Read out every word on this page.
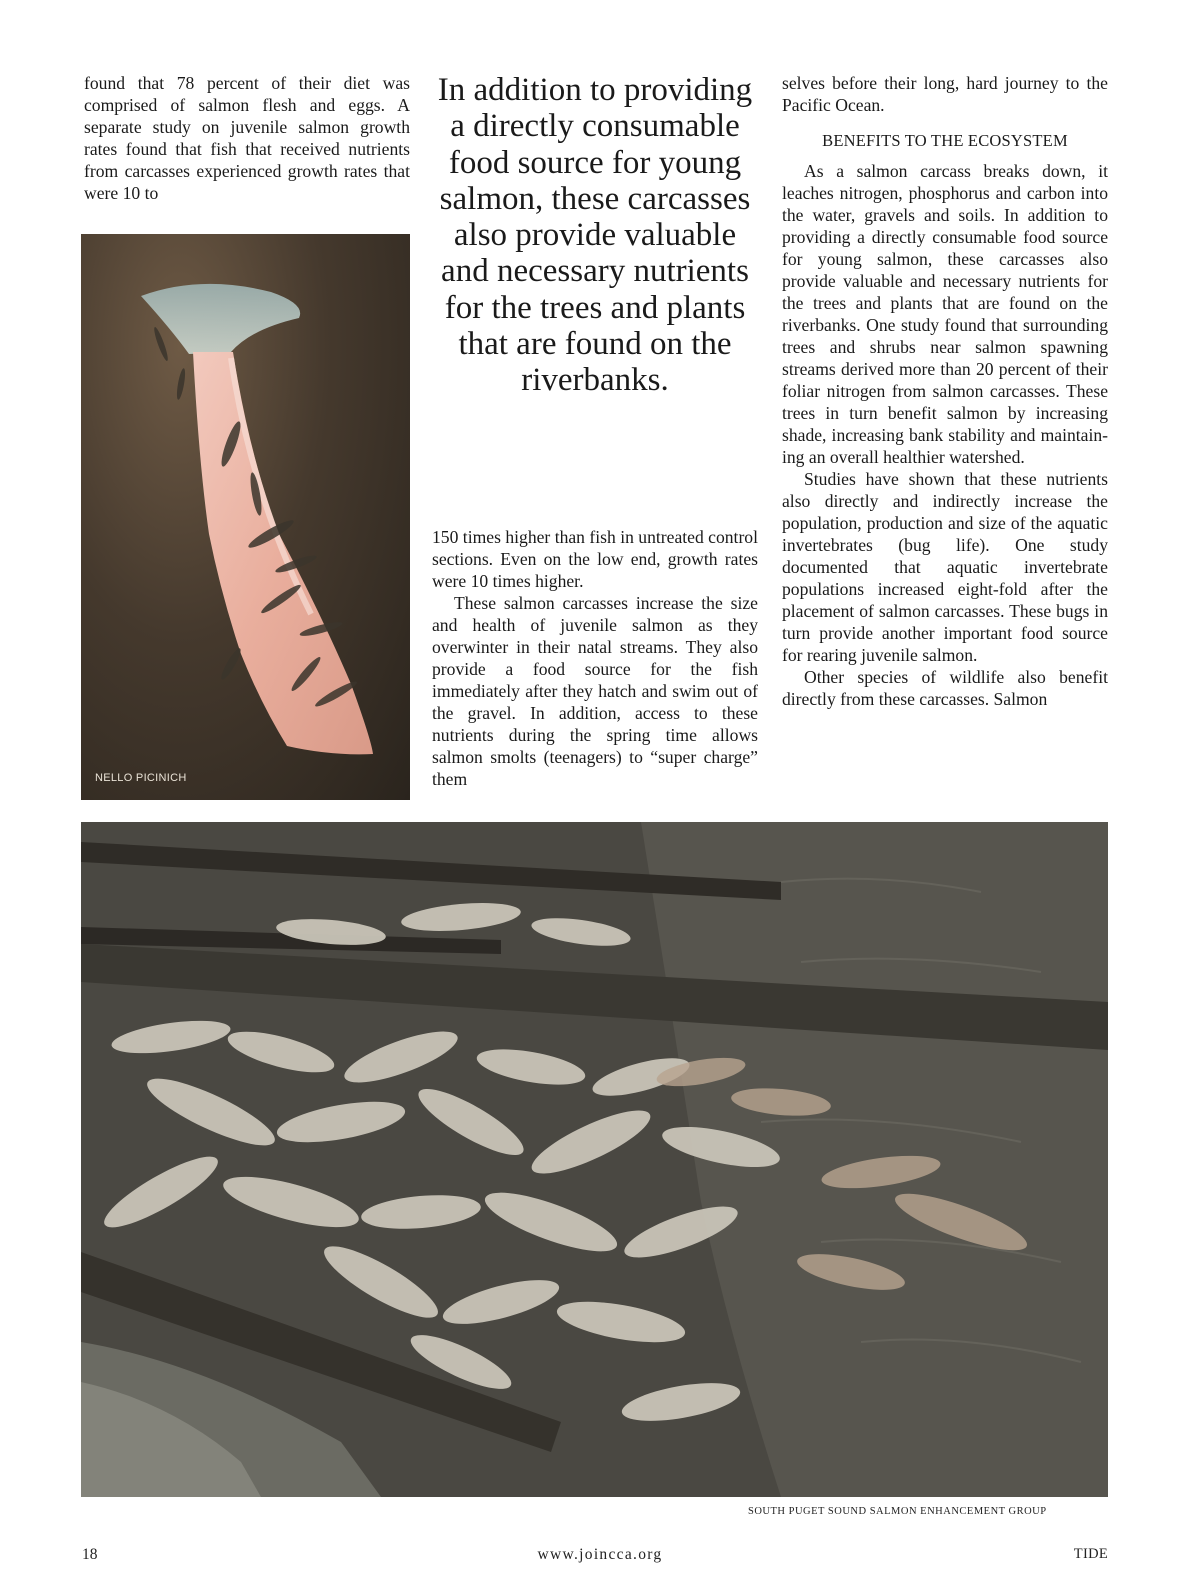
found that 78 percent of their diet was comprised of salmon flesh and eggs. A separate study on juvenile salmon growth rates found that fish that received nutrients from carcasses experienced growth rates that were 10 to

NELLO PICINICH
In addition to providing a directly consumable food source for young salmon, these carcasses also provide valuable and necessary nutrients for the trees and plants that are found on the riverbanks.

150 times higher than fish in untreated control sections. Even on the low end, growth rates were 10 times higher.

These salmon carcasses increase the size and health of juvenile salmon as they overwinter in their natal streams. They also provide a food source for the fish immediately after they hatch and swim out of the gravel. In addition, access to these nutrients during the spring time allows salmon smolts (teenagers) to “super charge” them

selves before their long, hard journey to the Pacific Ocean.

BENEFITS TO THE ECOSYSTEM

As a salmon carcass breaks down, it leaches nitrogen, phosphorus and carbon into the water, gravels and soils. In addition to providing a directly consumable food source for young salmon, these carcasses also provide valuable and necessary nutrients for the trees and plants that are found on the riverbanks. One study found that surrounding trees and shrubs near salmon spawning streams derived more than 20 percent of their foliar nitrogen from salmon carcasses. These trees in turn benefit salmon by increasing shade, increasing bank stability and maintaining an overall healthier watershed.

Studies have shown that these nutrients also directly and indirectly increase the population, production and size of the aquatic invertebrates (bug life). One study documented that aquatic invertebrate populations increased eight-fold after the placement of salmon carcasses. These bugs in turn provide another important food source for rearing juvenile salmon.

Other species of wildlife also benefit directly from these carcasses. Salmon

SOUTH PUGET SOUND SALMON ENHANCEMENT GROUP
18	www.joincca.org	TIDE
